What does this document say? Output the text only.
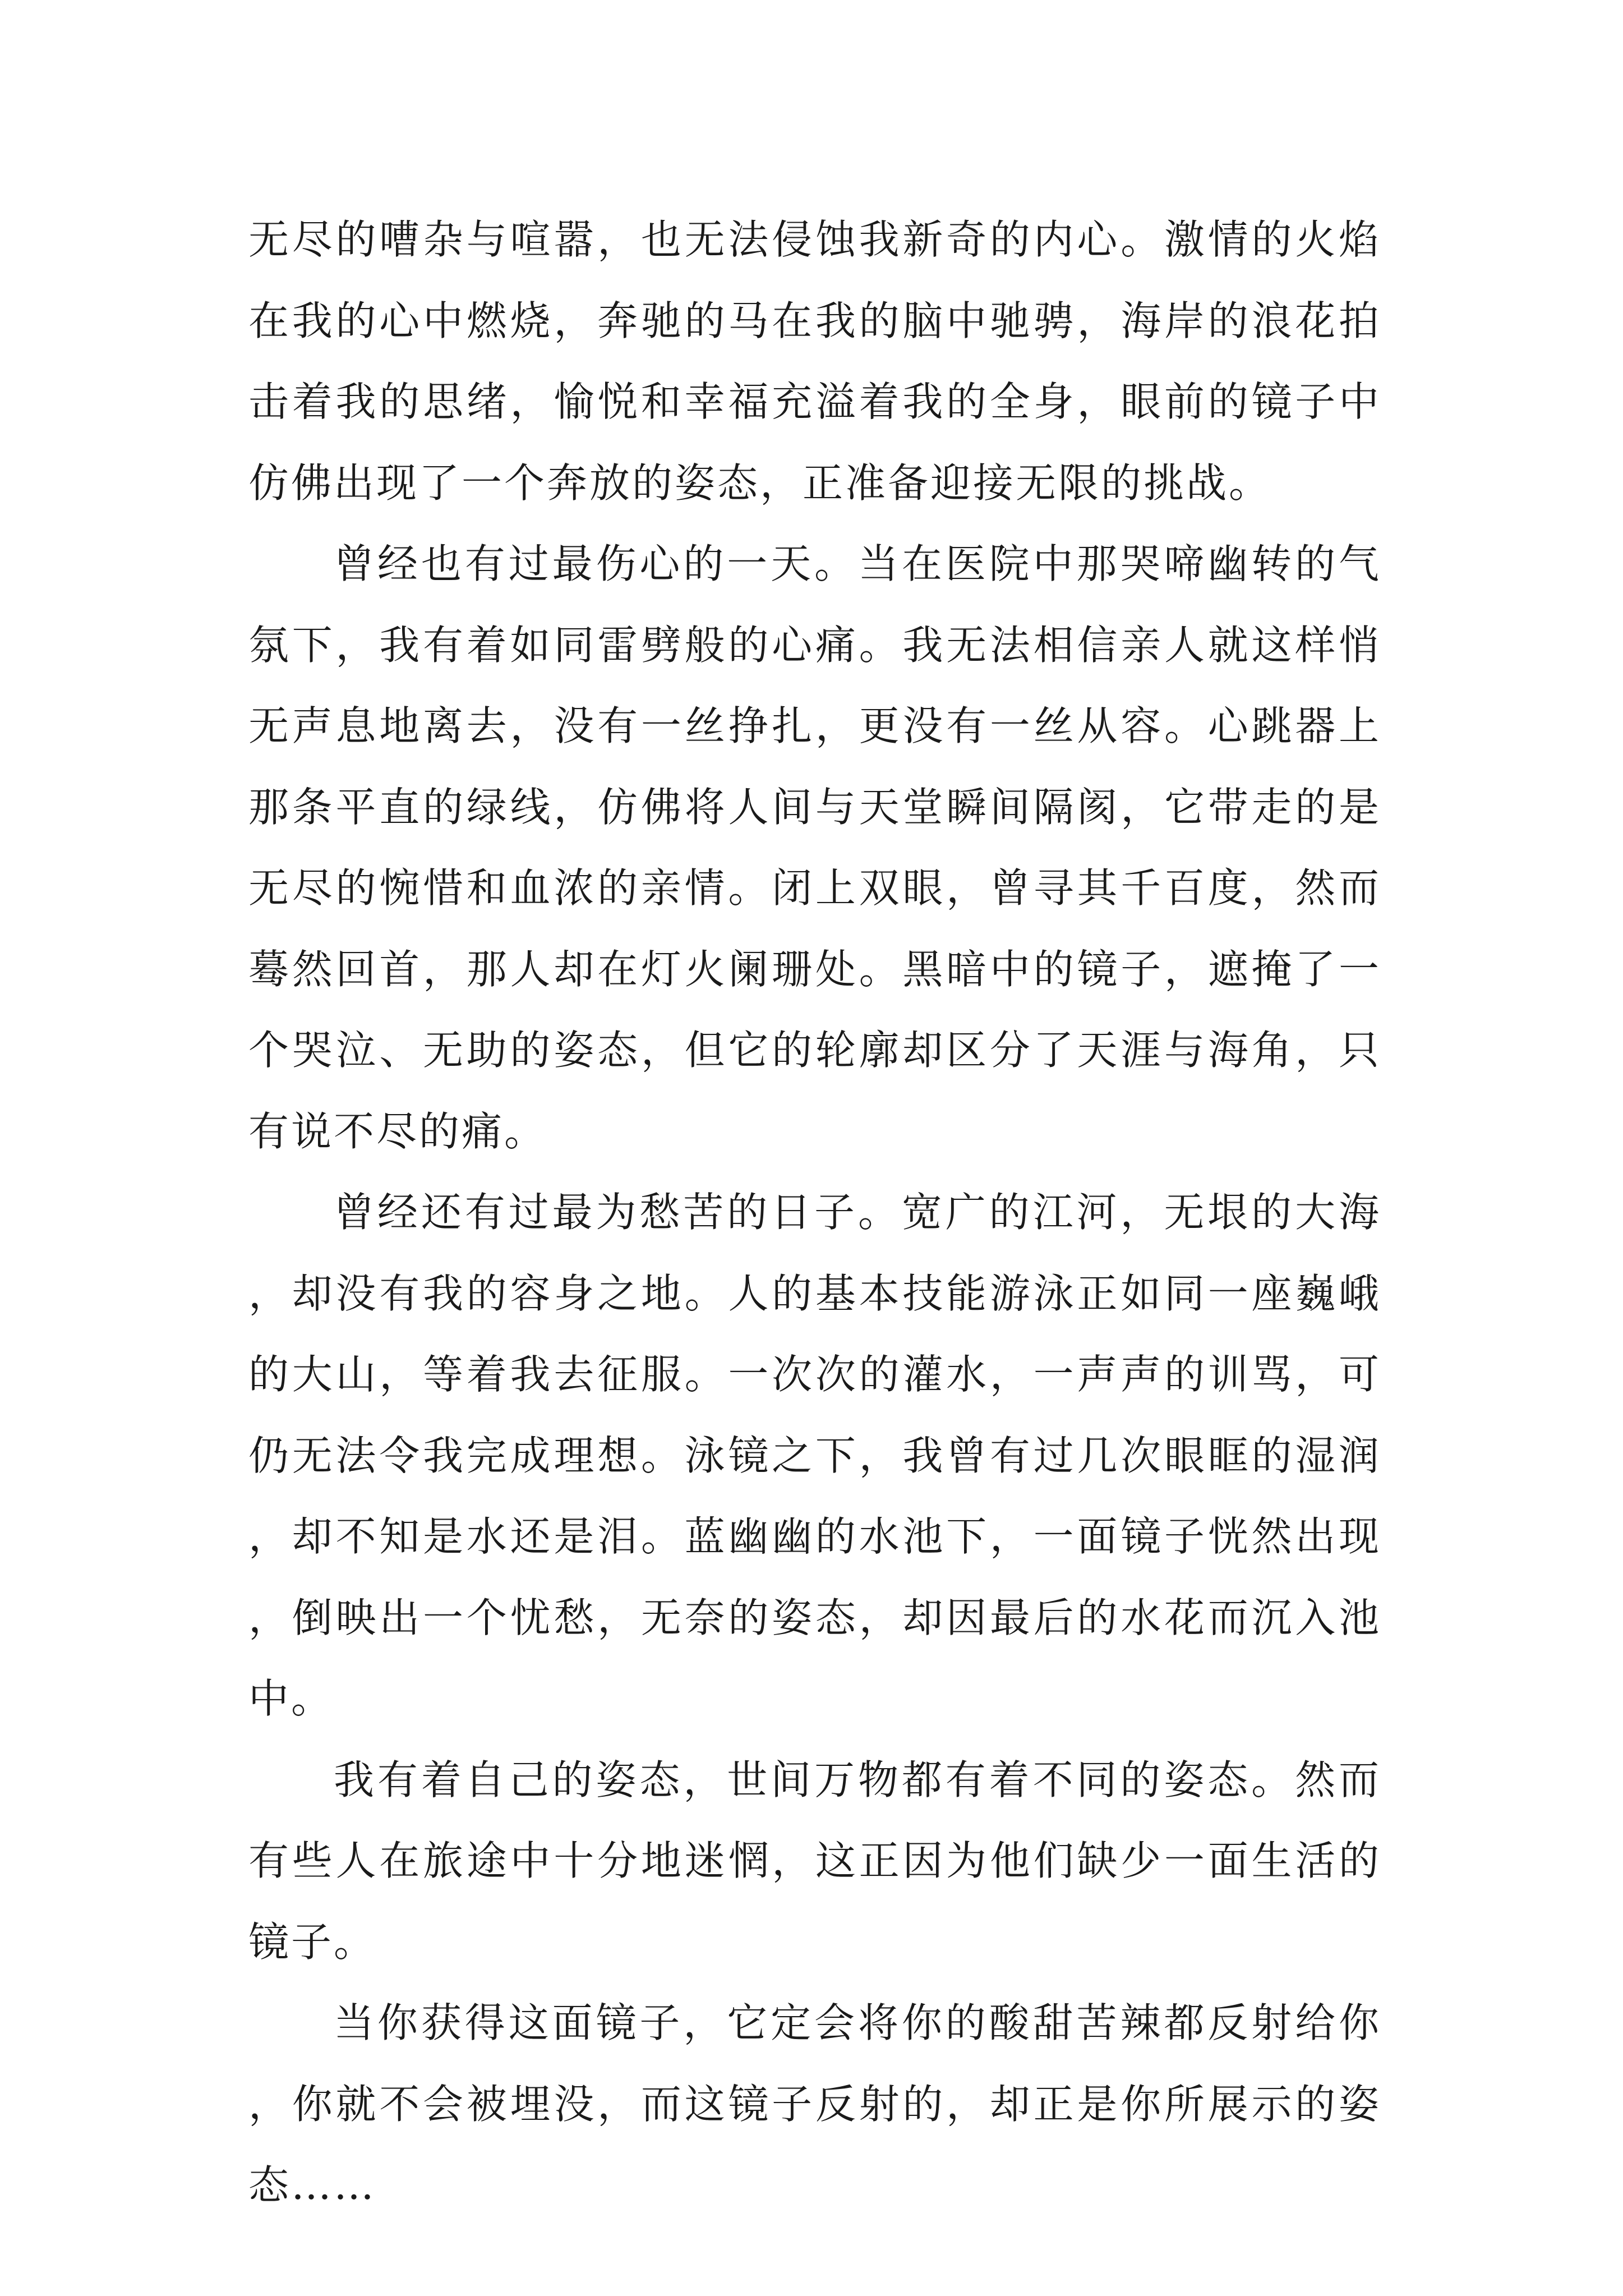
无尽的嘈杂与喧嚣，也无法侵蚀我新奇的内心。激情的火焰在我的心中燃烧，奔驰的马在我的脑中驰骋，海岸的浪花拍击着我的思绪，愉悦和幸福充溢着我的全身，眼前的镜子中仿佛出现了一个奔放的姿态，正准备迎接无限的挑战。

曾经也有过最伤心的一天。当在医院中那哭啼幽转的气氛下，我有着如同雷劈般的心痛。我无法相信亲人就这样悄无声息地离去，没有一丝挣扎，更没有一丝从容。心跳器上那条平直的绿线，仿佛将人间与天堂瞬间隔阂，它带走的是无尽的惋惜和血浓的亲情。闭上双眼，曾寻其千百度，然而蓦然回首，那人却在灯火阑珊处。黑暗中的镜子，遮掩了一个哭泣、无助的姿态，但它的轮廓却区分了天涯与海角，只有说不尽的痛。

曾经还有过最为愁苦的日子。宽广的江河，无垠的大海，却没有我的容身之地。人的基本技能游泳正如同一座巍峨的大山，等着我去征服。一次次的灌水，一声声的训骂，可仍无法令我完成理想。泳镜之下，我曾有过几次眼眶的湿润，却不知是水还是泪。蓝幽幽的水池下，一面镜子恍然出现，倒映出一个忧愁，无奈的姿态，却因最后的水花而沉入池中。

我有着自己的姿态，世间万物都有着不同的姿态。然而有些人在旅途中十分地迷惘，这正因为他们缺少一面生活的镜子。

当你获得这面镜子，它定会将你的酸甜苦辣都反射给你，你就不会被埋没，而这镜子反射的，却正是你所展示的姿态……
